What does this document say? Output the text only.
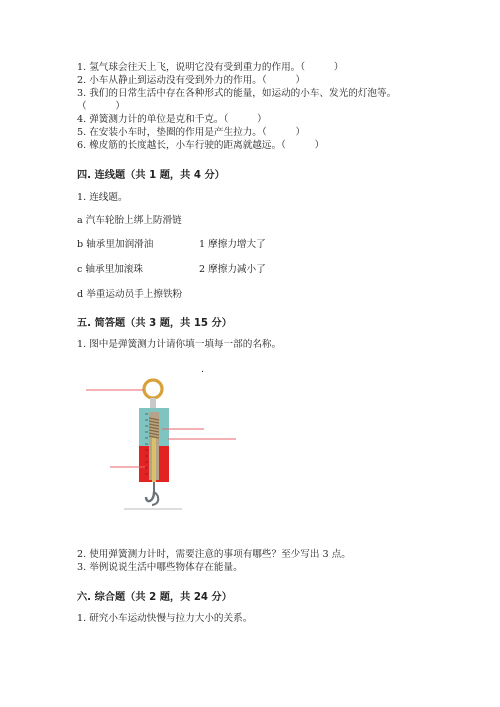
1. 氢气球会往天上飞，说明它没有受到重力的作用。（　　　）
2. 小车从静止到运动没有受到外力的作用。（　　　）
3. 我们的日常生活中存在各种形式的能量，如运动的小车、发光的灯泡等。
（　　　）
4. 弹簧测力计的单位是克和千克。（　　　）
5. 在安装小车时，垫圈的作用是产生拉力。（　　　）
6. 橡皮筋的长度越长，小车行驶的距离就越远。（　　　）
四. 连线题（共 1 题，共 4 分）
1. 连线题。
a 汽车轮胎上绑上防滑链
b 轴承里加润滑油	1 摩擦力增大了
c 轴承里加滚珠	2 摩擦力减小了
d 举重运动员手上擦铁粉
五. 简答题（共 3 题，共 15 分）
1. 图中是弹簧测力计请你填一填每一部的名称。
.
2. 使用弹簧测力计时，需要注意的事项有哪些？至少写出 3 点。
3. 举例说说生活中哪些物体存在能量。
六. 综合题（共 2 题，共 24 分）
1. 研究小车运动快慢与拉力大小的关系。
